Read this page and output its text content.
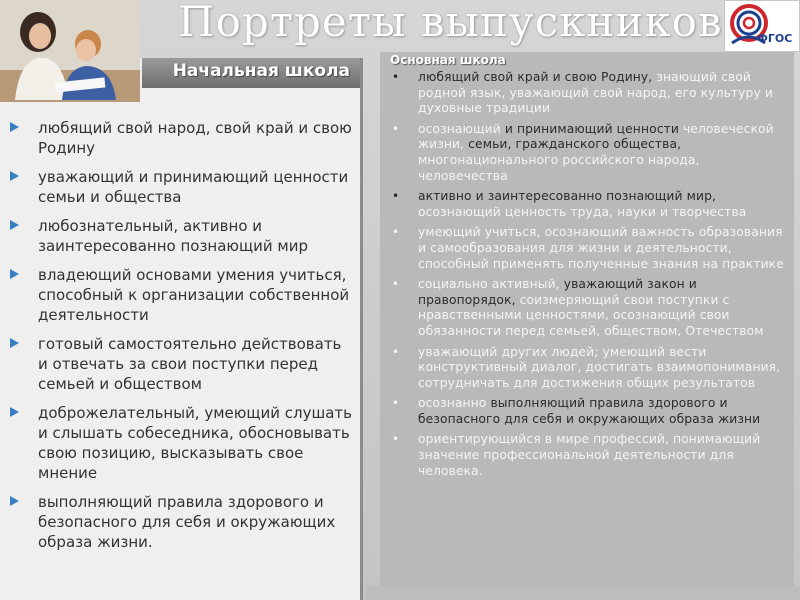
Портреты выпускников	ФГОС
Начальная школа
любящий свой народ, свой край и свою Родину
уважающий и принимающий ценности семьи и общества
любознательный, активно и заинтересованно познающий мир
владеющий основами умения учиться, способный к организации собственной деятельности
готовый самостоятельно действовать и отвечать за свои поступки перед семьей и обществом
доброжелательный, умеющий слушать и слышать собеседника, обосновывать свою позицию, высказывать свое мнение
выполняющий правила здорового и безопасного для себя и окружающих образа жизни.
Основная школа
• любящий свой край и свою Родину, знающий свой родной язык, уважающий свой народ, его культуру и духовные традиции
• осознающий и принимающий ценности человеческой жизни, семьи, гражданского общества, многонационального российского народа, человечества
• активно и заинтересованно познающий мир, осознающий ценность труда, науки и творчества
• умеющий учиться, осознающий важность образования и самообразования для жизни и деятельности, способный применять полученные знания на практике
• социально активный, уважающий закон и правопорядок, соизмеряющий свои поступки с нравственными ценностями, осознающий свои обязанности перед семьей, обществом, Отечеством
• уважающий других людей; умеющий вести конструктивный диалог, достигать взаимопонимания, сотрудничать для достижения общих результатов
• осознанно выполняющий правила здорового и безопасного для себя и окружающих образа жизни
• ориентирующийся в мире профессий, понимающий значение профессиональной деятельности для человека.
